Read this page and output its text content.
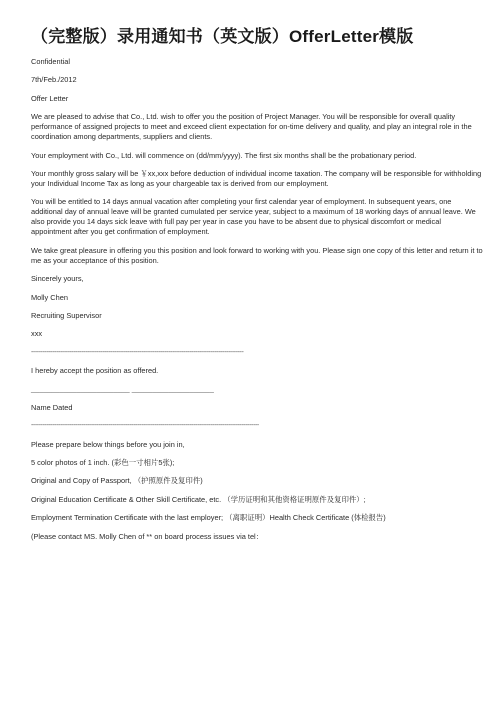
（完整版）录用通知书（英文版）OfferLetter模版

Confidential

7th/Feb./2012

Offer Letter

We are pleased to advise that Co., Ltd. wish to offer you the position of Project Manager. You will be responsible for overall quality performance of assigned projects to meet and exceed client expectation for on-time delivery and quality, and play an integral role in the coordination among departments, suppliers and clients.

Your employment with Co., Ltd. will commence on (dd/mm/yyyy). The first six months shall be the probationary period.

Your monthly gross salary will be ￥xx,xxx before deduction of individual income taxation. The company will be responsible for withholding your Individual Income Tax as long as your chargeable tax is derived from our employment.

You will be entitled to 14 days annual vacation after completing your first calendar year of employment. In subsequent years, one additional day of annual leave will be granted cumulated per service year, subject to a maximum of 18 working days of annual leave. We also provide you 14 days sick leave with full pay per year in case you have to be absent due to physical discomfort or medical appointment after you get confirmation of employment.

We take great pleasure in offering you this position and look forward to working with you. Please sign one copy of this letter and return it to me as your acceptance of this position.

Sincerely yours,

Molly Chen

Recruiting Supervisor

xxx

--------------------------------------------------------------------------------------------------------------

I hereby accept the position as offered.

________________________ ____________________

Name Dated

----------------------------------------------------------------------------------------------------------------------

Please prepare below things before you join in,

5 color photos of 1 inch. (彩色一寸相片5张);

Original and Copy of Passport, （护照原件及复印件)

Original Education Certificate & Other Skill Certificate, etc. （学历证明和其他资格证明原件及复印件）;

Employment Termination Certificate with the last employer; （离职证明）Health Check Certificate (体检报告)

(Please contact MS. Molly Chen of ** on board process issues via tel：
